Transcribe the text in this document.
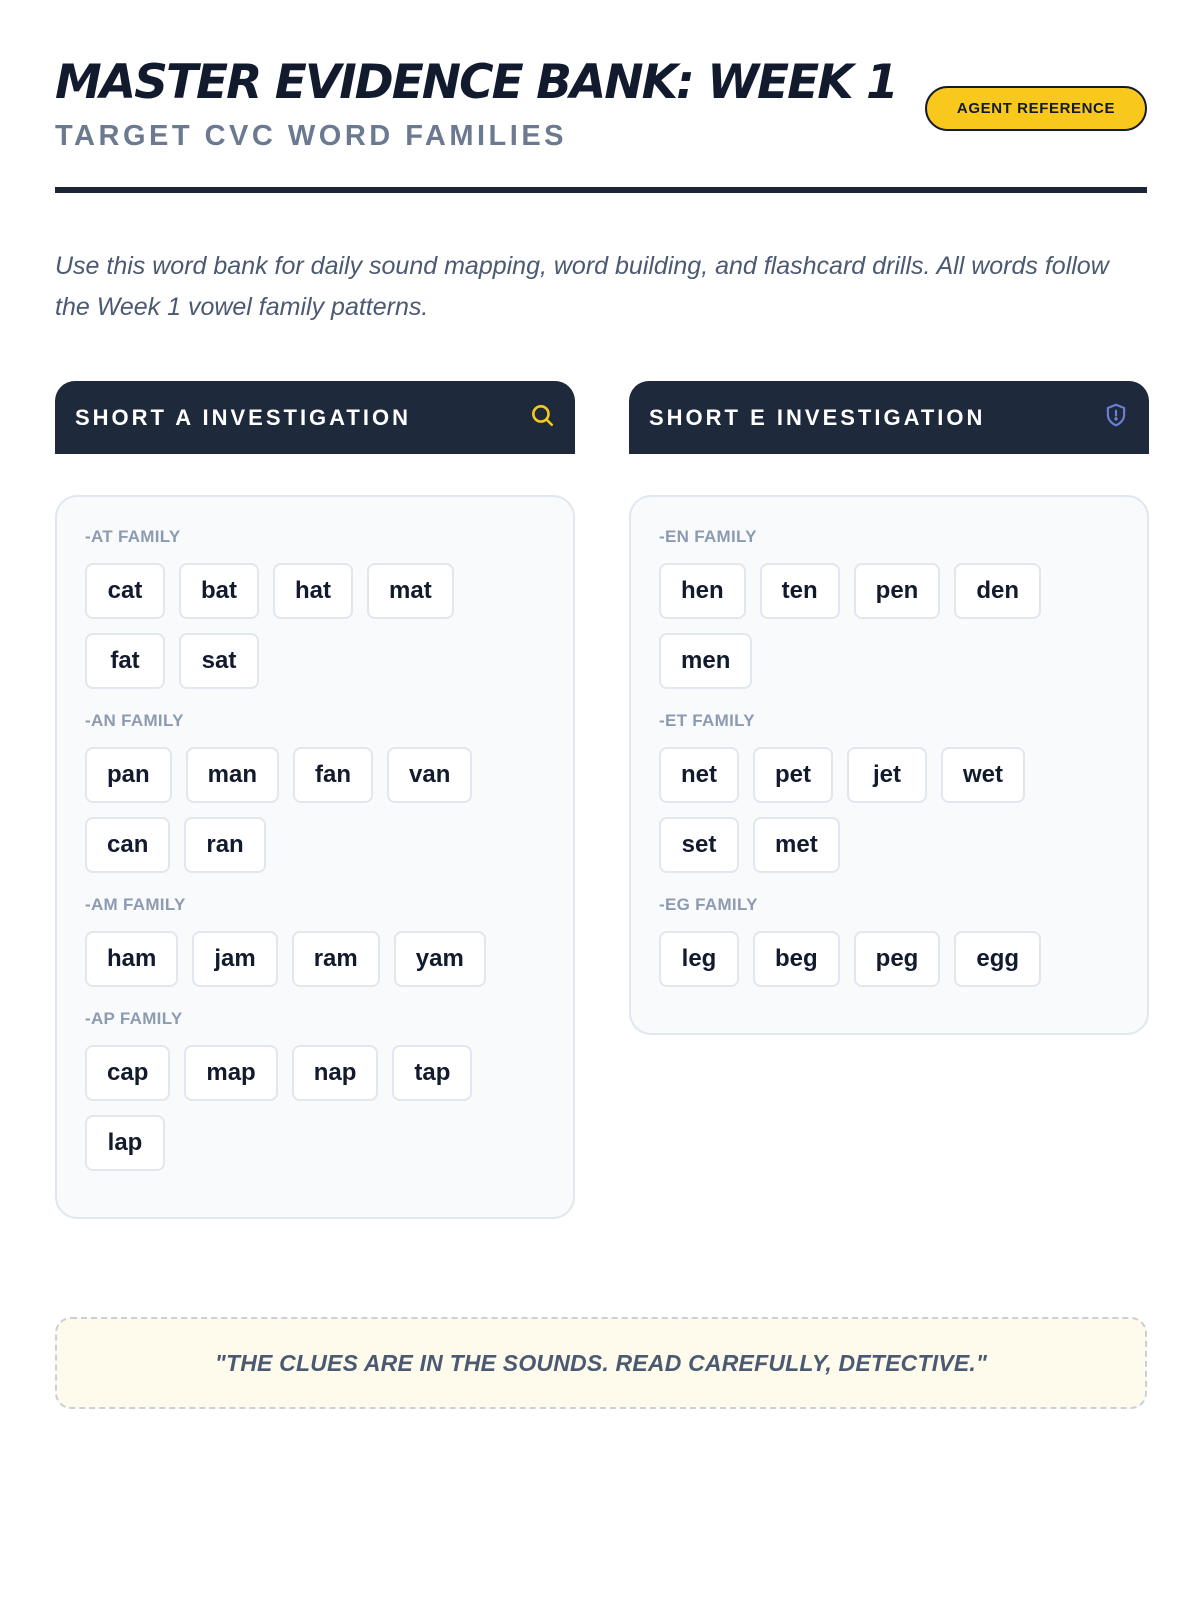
MASTER EVIDENCE BANK: WEEK 1
TARGET CVC WORD FAMILIES
AGENT REFERENCE

Use this word bank for daily sound mapping, word building, and flashcard drills. All words follow the Week 1 vowel family patterns.

SHORT A INVESTIGATION
-AT FAMILY
cat	bat	hat	mat
fat	sat
-AN FAMILY
pan	man	fan	van
can	ran
-AM FAMILY
ham	jam	ram	yam
-AP FAMILY
cap	map	nap	tap
lap
SHORT E INVESTIGATION
-EN FAMILY
hen	ten	pen	den
men
-ET FAMILY
net	pet	jet	wet
set	met
-EG FAMILY
leg	beg	peg	egg
"THE CLUES ARE IN THE SOUNDS. READ CAREFULLY, DETECTIVE."
